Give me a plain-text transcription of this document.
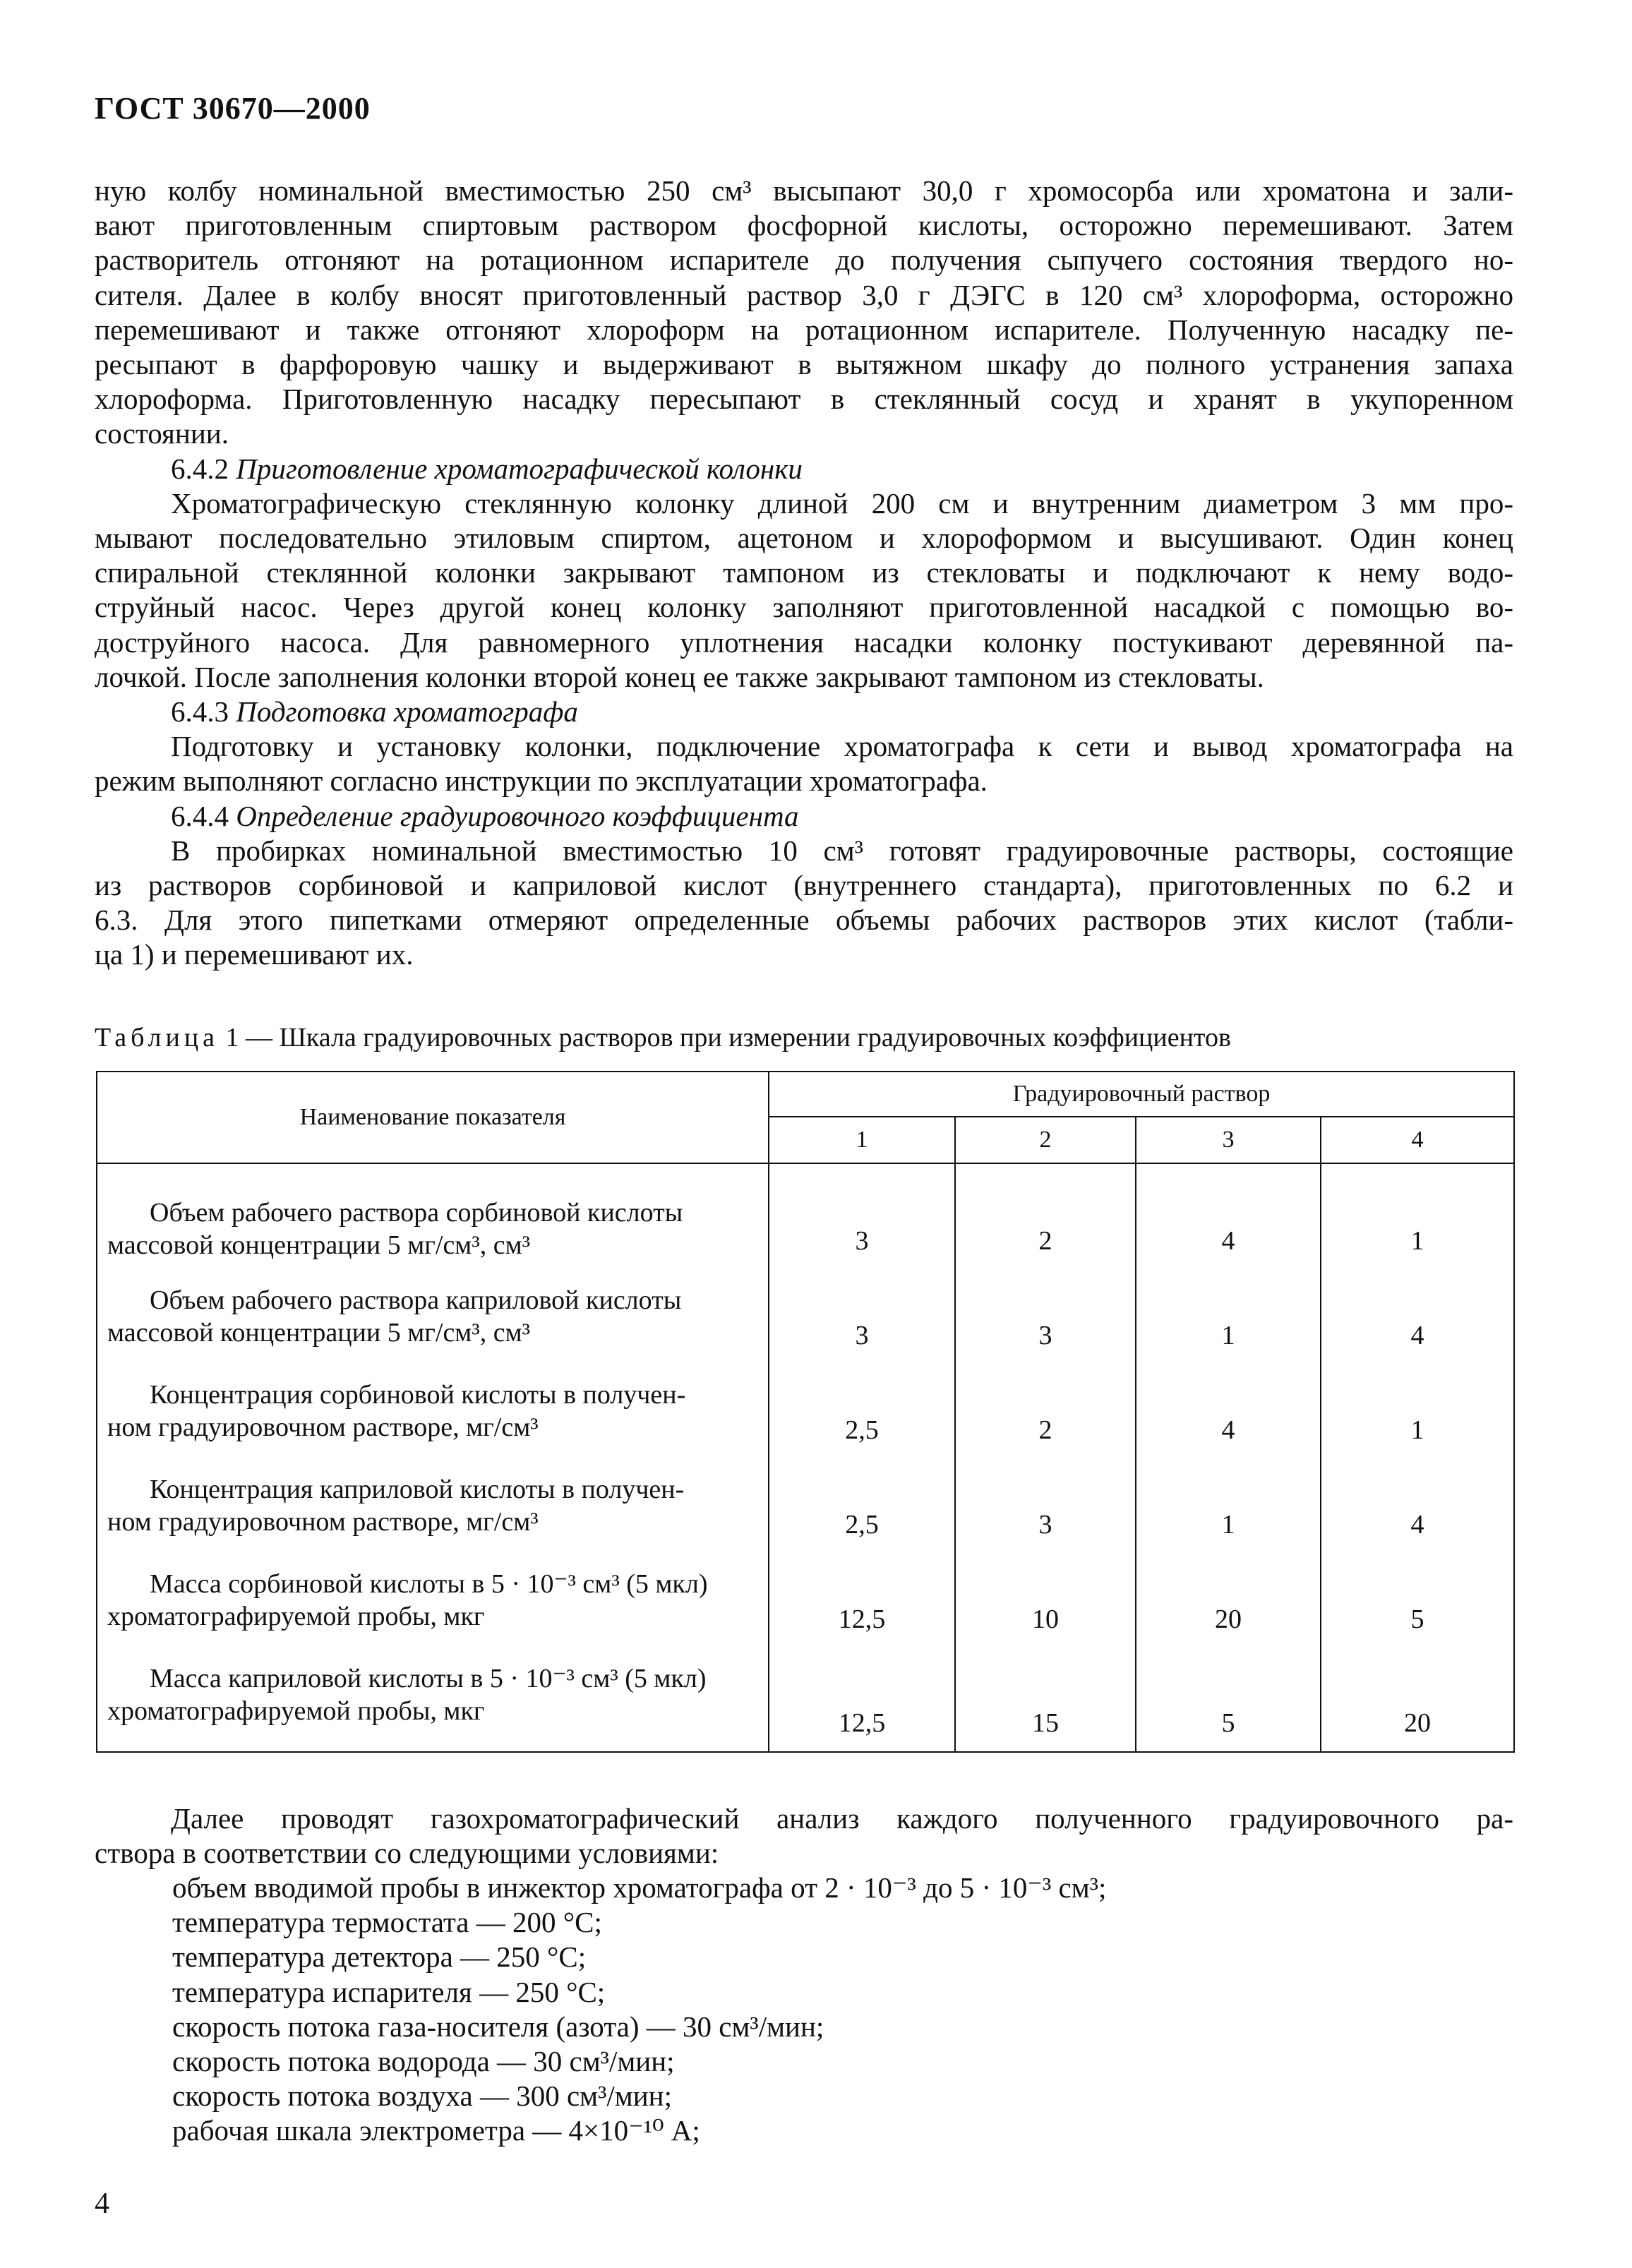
ГОСТ 30670—2000
ную колбу номинальной вместимостью 250 см³ высыпают 30,0 г хромосорба или хроматона и зали-
вают приготовленным спиртовым раствором фосфорной кислоты, осторожно перемешивают. Затем
растворитель отгоняют на ротационном испарителе до получения сыпучего состояния твердого но-
сителя. Далее в колбу вносят приготовленный раствор 3,0 г ДЭГС в 120 см³ хлороформа, осторожно
перемешивают и также отгоняют хлороформ на ротационном испарителе. Полученную насадку пе-
ресыпают в фарфоровую чашку и выдерживают в вытяжном шкафу до полного устранения запаха
хлороформа. Приготовленную насадку пересыпают в стеклянный сосуд и хранят в укупоренном
состоянии.
6.4.2 Приготовление хроматографической колонки
Хроматографическую стеклянную колонку длиной 200 см и внутренним диаметром 3 мм про-
мывают последовательно этиловым спиртом, ацетоном и хлороформом и высушивают. Один конец
спиральной стеклянной колонки закрывают тампоном из стекловаты и подключают к нему водо-
струйный насос. Через другой конец колонку заполняют приготовленной насадкой с помощью во-
доструйного насоса. Для равномерного уплотнения насадки колонку постукивают деревянной па-
лочкой. После заполнения колонки второй конец ее также закрывают тампоном из стекловаты.
6.4.3 Подготовка хроматографа
Подготовку и установку колонки, подключение хроматографа к сети и вывод хроматографа на
режим выполняют согласно инструкции по эксплуатации хроматографа.
6.4.4 Определение градуировочного коэффициента
В пробирках номинальной вместимостью 10 см³ готовят градуировочные растворы, состоящие
из растворов сорбиновой и каприловой кислот (внутреннего стандарта), приготовленных по 6.2 и
6.3. Для этого пипетками отмеряют определенные объемы рабочих растворов этих кислот (табли-
ца 1) и перемешивают их.
Таблица 1 — Шкала градуировочных растворов при измерении градуировочных коэффициентов
Наименование показателя	Градуировочный раствор			
	1	2	3	4

Объем рабочего раствора сорбиновой кислоты
массовой концентрации 5 мг/см³, см³	3	2	4	1

Объем рабочего раствора каприловой кислоты
массовой концентрации 5 мг/см³, см³	3	3	1	4

Концентрация сорбиновой кислоты в получен-
ном градуировочном растворе, мг/см³	2,5	2	4	1

Концентрация каприловой кислоты в получен-
ном градуировочном растворе, мг/см³	2,5	3	1	4

Масса сорбиновой кислоты в 5 · 10⁻³ см³ (5 мкл)
хроматографируемой пробы, мкг	12,5	10	20	5

Масса каприловой кислоты в 5 · 10⁻³ см³ (5 мкл)
хроматографируемой пробы, мкг	12,5	15	5	20
Далее проводят газохроматографический анализ каждого полученного градуировочного ра-
створа в соответствии со следующими условиями:
объем вводимой пробы в инжектор хроматографа от 2 · 10⁻³ до 5 · 10⁻³ см³;
температура термостата — 200 °С;
температура детектора — 250 °С;
температура испарителя — 250 °С;
скорость потока газа-носителя (азота) — 30 см³/мин;
скорость потока водорода — 30 см³/мин;
скорость потока воздуха — 300 см³/мин;
рабочая шкала электрометра — 4×10⁻¹⁰ А;
4
